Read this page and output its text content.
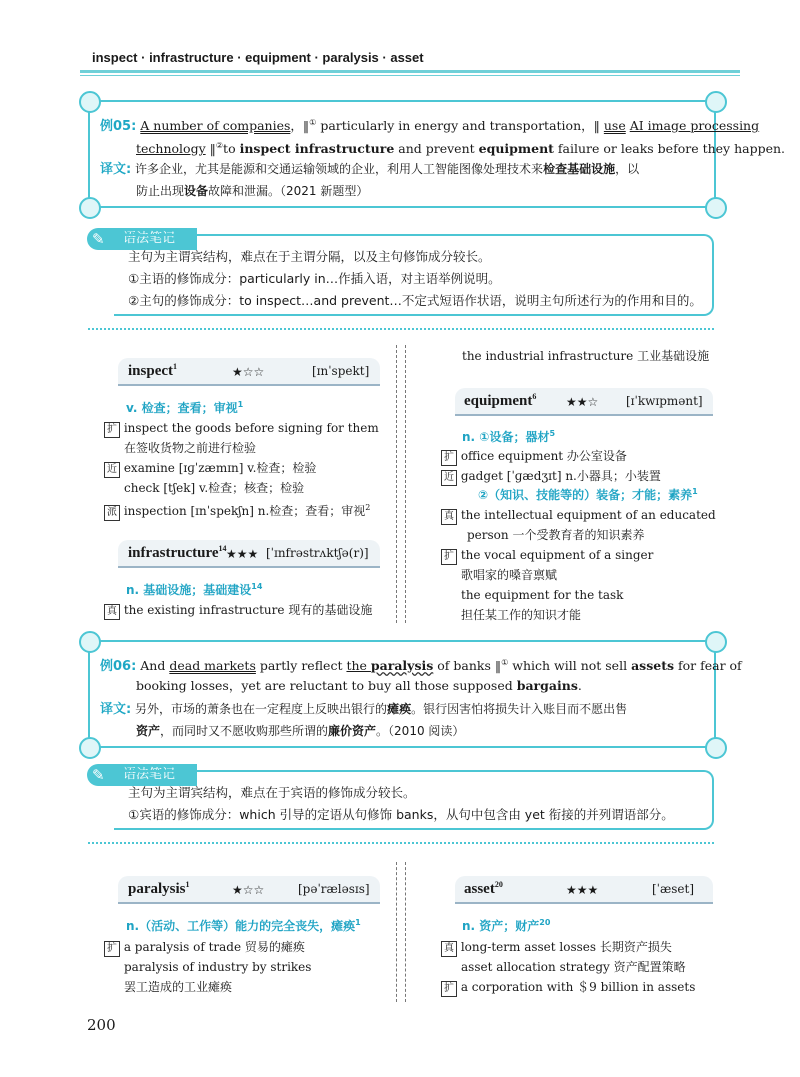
inspect · infrastructure · equipment · paralysis · asset
例05: A number of companies，‖① particularly in energy and transportation，‖ use AI image processing
technology ‖②to inspect infrastructure and prevent equipment failure or leaks before they happen.
译文: 许多企业，尤其是能源和交通运输领域的企业，利用人工智能图像处理技术来检查基础设施，以
防止出现设备故障和泄漏。（2021 新题型）
语法笔记
✎
主句为主谓宾结构，难点在于主谓分隔，以及主句修饰成分较长。
①主语的修饰成分：particularly in…作插入语，对主语举例说明。
②主句的修饰成分：to inspect…and prevent…不定式短语作状语，说明主句所述行为的作用和目的。
inspect$^1$	★☆☆	[ɪnˈspekt]
v. 检查；查看；审视$^1$
扩 inspect the goods before signing for them
在签收货物之前进行检验
近 examine [ɪɡˈzæmɪn] v.检查；检验
check [tʃek] v.检查；核查；检验
派 inspection [ɪnˈspekʃn] n.检查；查看；审视$^2$
infrastructure$^{14}$ ★★★ [ˈɪnfrəstrʌktʃə(r)]
n. 基础设施；基础建设$^{14}$
真 the existing infrastructure 现有的基础设施
the industrial infrastructure 工业基础设施
equipment$^6$ ★★☆ [ɪˈkwɪpmənt]
n. ①设备；器材$^5$
扩 office equipment 办公室设备
近 gadget [ˈɡædʒɪt] n.小器具；小装置
②（知识、技能等的）装备；才能；素养$^1$
真 the intellectual equipment of an educated
person 一个受教育者的知识素养
扩 the vocal equipment of a singer
歌唱家的嗓音禀赋
the equipment for the task
担任某工作的知识才能
例06: And dead markets partly reflect the paralysis of banks ‖① which will not sell assets for fear of
booking losses，yet are reluctant to buy all those supposed bargains.
译文: 另外，市场的萧条也在一定程度上反映出银行的瘫痪。银行因害怕将损失计入账目而不愿出售
资产，而同时又不愿收购那些所谓的廉价资产。（2010 阅读）
语法笔记
✎
主句为主谓宾结构，难点在于宾语的修饰成分较长。
①宾语的修饰成分：which 引导的定语从句修饰 banks，从句中包含由 yet 衔接的并列谓语部分。
paralysis$^1$	★☆☆	[pəˈræləsɪs]
n.（活动、工作等）能力的完全丧失，瘫痪$^1$
扩 a paralysis of trade 贸易的瘫痪
paralysis of industry by strikes
罢工造成的工业瘫痪
asset$^{20}$	★★★	[ˈæset]
n. 资产；财产$^{20}$
真 long-term asset losses 长期资产损失
asset allocation strategy 资产配置策略
扩 a corporation with ＄9 billion in assets
200
